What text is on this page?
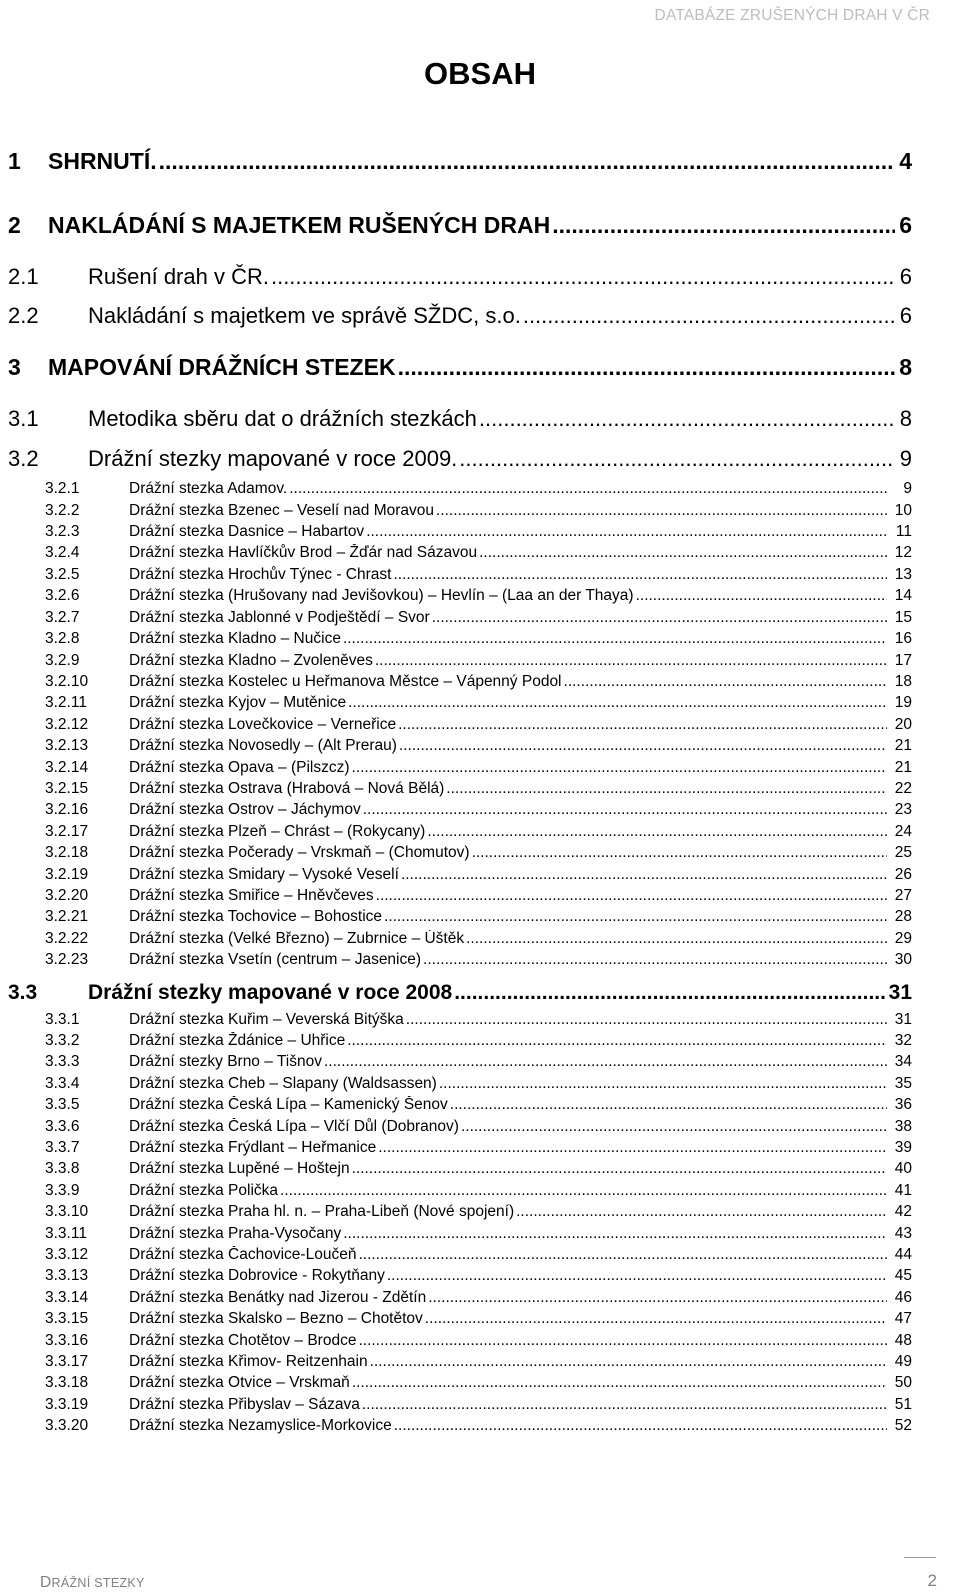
DATABÁZE ZRUŠENÝCH DRAH V ČR
OBSAH
1	SHRNUTÍ. .....	4
2	NAKLÁDÁNÍ S MAJETKEM RUŠENÝCH DRAH .....	6
2.1	Rušení drah v ČR. .....	6
2.2	Nakládání s majetkem ve správě SŽDC, s.o. .....	6
3	MAPOVÁNÍ DRÁŽNÍCH STEZEK .....	8
3.1	Metodika sběru dat o drážních stezkách .....	8
3.2	Drážní stezky mapované v roce 2009. .....	9
3.2.1	Drážní stezka Adamov. .....	9
3.2.2	Drážní stezka Bzenec – Veselí nad Moravou .....	10
3.2.3	Drážní stezka Dasnice – Habartov .....	11
3.2.4	Drážní stezka Havlíčkův Brod – Žďár nad Sázavou .....	12
3.2.5	Drážní stezka Hrochův Týnec - Chrast .....	13
3.2.6	Drážní stezka (Hrušovany nad Jevišovkou) – Hevlín – (Laa an der Thaya) .....	14
3.2.7	Drážní stezka Jablonné v Podještědí – Svor .....	15
3.2.8	Drážní stezka Kladno – Nučice .....	16
3.2.9	Drážní stezka Kladno – Zvoleněves .....	17
3.2.10	Drážní stezka Kostelec u Heřmanova Městce – Vápenný Podol .....	18
3.2.11	Drážní stezka Kyjov – Mutěnice .....	19
3.2.12	Drážní stezka Lovečkovice – Verneřice .....	20
3.2.13	Drážní stezka Novosedly – (Alt Prerau) .....	21
3.2.14	Drážní stezka Opava – (Pilszcz) .....	21
3.2.15	Drážní stezka Ostrava (Hrabová – Nová Bělá) .....	22
3.2.16	Drážní stezka Ostrov – Jáchymov .....	23
3.2.17	Drážní stezka Plzeň – Chrást – (Rokycany) .....	24
3.2.18	Drážní stezka Počerady – Vrskmaň – (Chomutov) .....	25
3.2.19	Drážní stezka Smidary – Vysoké Veselí .....	26
3.2.20	Drážní stezka Smiřice – Hněvčeves .....	27
3.2.21	Drážní stezka Tochovice – Bohostice .....	28
3.2.22	Drážní stezka (Velké Březno) – Zubrnice – Úštěk .....	29
3.2.23	Drážní stezka Vsetín (centrum – Jasenice) .....	30
3.3	Drážní stezky mapované v roce 2008 .....	31
3.3.1	Drážní stezka Kuřim – Veverská Bitýška .....	31
3.3.2	Drážní stezka Ždánice – Uhřice .....	32
3.3.3	Drážní stezky Brno – Tišnov .....	34
3.3.4	Drážní stezka Cheb – Slapany (Waldsassen) .....	35
3.3.5	Drážní stezka Česká Lípa – Kamenický Šenov .....	36
3.3.6	Drážní stezka Česká Lípa – Vlčí Důl (Dobranov) .....	38
3.3.7	Drážní stezka Frýdlant – Heřmanice .....	39
3.3.8	Drážní stezka Lupěné – Hoštejn .....	40
3.3.9	Drážní stezka Polička .....	41
3.3.10	Drážní stezka Praha hl. n. – Praha-Libeň (Nové spojení) .....	42
3.3.11	Drážní stezka Praha-Vysočany .....	43
3.3.12	Drážní stezka Čachovice-Loučeň .....	44
3.3.13	Drážní stezka Dobrovice - Rokytňany .....	45
3.3.14	Drážní stezka Benátky nad Jizerou - Zdětín .....	46
3.3.15	Drážní stezka Skalsko – Bezno – Chotětov .....	47
3.3.16	Drážní stezka Chotětov – Brodce .....	48
3.3.17	Drážní stezka Křimov- Reitzenhain .....	49
3.3.18	Drážní stezka Otvice – Vrskmaň .....	50
3.3.19	Drážní stezka Přibyslav – Sázava .....	51
3.3.20	Drážní stezka Nezamyslice-Morkovice .....	52
DRÁŽNÍ STEZKY	2
